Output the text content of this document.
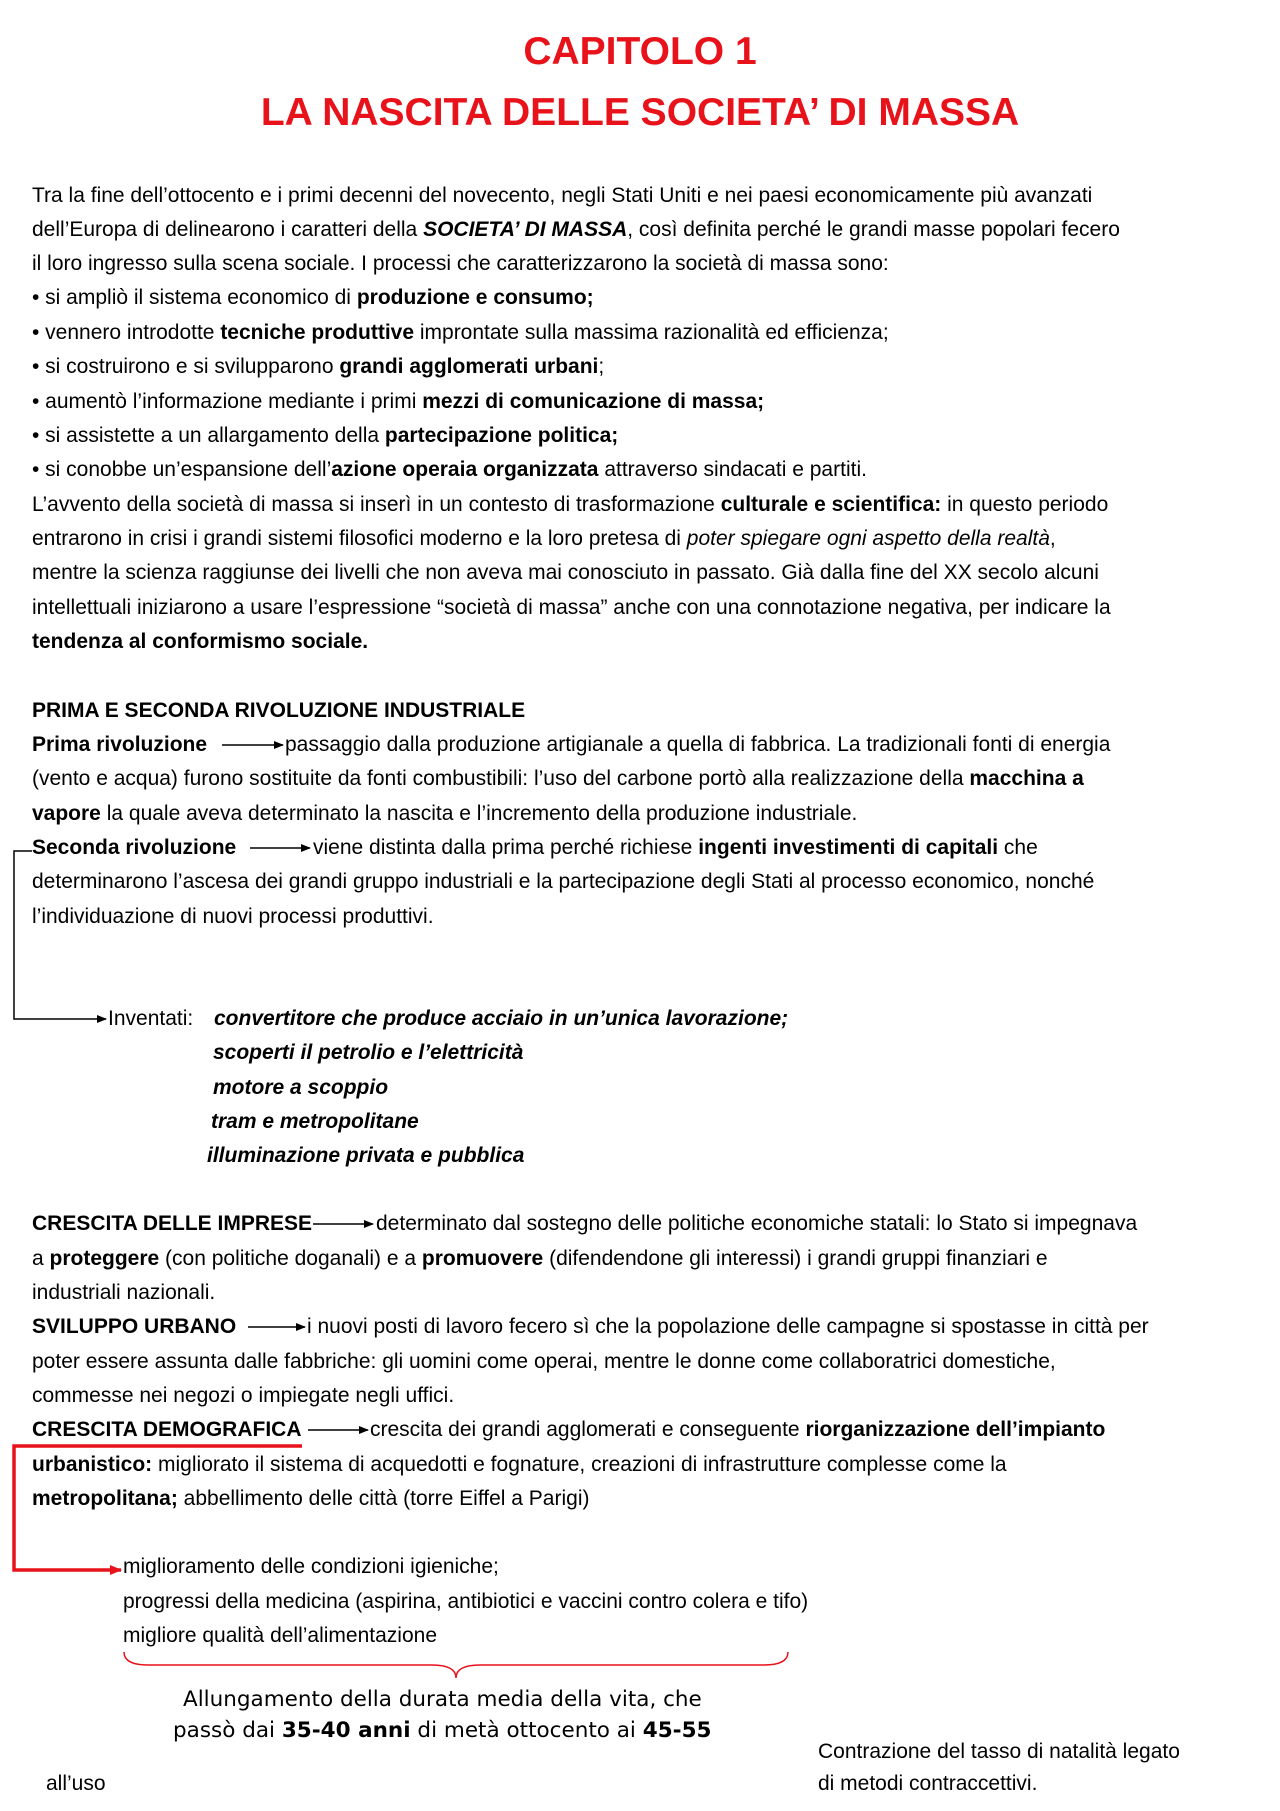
CAPITOLO 1
LA NASCITA DELLE SOCIETA’ DI MASSA
Tra la fine dell’ottocento e i primi decenni del novecento, negli Stati Uniti e nei paesi economicamente più avanzati
dell’Europa di delinearono i caratteri della SOCIETA’ DI MASSA, così definita perché le grandi masse popolari fecero
il loro ingresso sulla scena sociale. I processi che caratterizzarono la società di massa sono:
• si ampliò il sistema economico di produzione e consumo;
• vennero introdotte tecniche produttive improntate sulla massima razionalità ed efficienza;
• si costruirono e si svilupparono grandi agglomerati urbani;
• aumentò l’informazione mediante i primi mezzi di comunicazione di massa;
• si assistette a un allargamento della partecipazione politica;
• si conobbe un’espansione dell’azione operaia organizzata attraverso sindacati e partiti.
L’avvento della società di massa si inserì in un contesto di trasformazione culturale e scientifica: in questo periodo
entrarono in crisi i grandi sistemi filosofici moderno e la loro pretesa di poter spiegare ogni aspetto della realtà,
mentre la scienza raggiunse dei livelli che non aveva mai conosciuto in passato. Già dalla fine del XX secolo alcuni
intellettuali iniziarono a usare l’espressione “società di massa” anche con una connotazione negativa, per indicare la
tendenza al conformismo sociale.
PRIMA E SECONDA RIVOLUZIONE INDUSTRIALE
Prima rivoluzione	passaggio dalla produzione artigianale a quella di fabbrica. La tradizionali fonti di energia
(vento e acqua) furono sostituite da fonti combustibili: l’uso del carbone portò alla realizzazione della macchina a
vapore la quale aveva determinato la nascita e l’incremento della produzione industriale.
Seconda rivoluzione	viene distinta dalla prima perché richiese ingenti investimenti di capitali che
determinarono l’ascesa dei grandi gruppo industriali e la partecipazione degli Stati al processo economico, nonché
l’individuazione di nuovi processi produttivi.
Inventati: convertitore che produce acciaio in un’unica lavorazione;
scoperti il petrolio e l’elettricità
motore a scoppio
tram e metropolitane
illuminazione privata e pubblica
CRESCITA DELLE IMPRESE	determinato dal sostegno delle politiche economiche statali: lo Stato si impegnava
a proteggere (con politiche doganali) e a promuovere (difendendone gli interessi) i grandi gruppi finanziari e
industriali nazionali.
SVILUPPO URBANO	i nuovi posti di lavoro fecero sì che la popolazione delle campagne si spostasse in città per
poter essere assunta dalle fabbriche: gli uomini come operai, mentre le donne come collaboratrici domestiche,
commesse nei negozi o impiegate negli uffici.
CRESCITA DEMOGRAFICA	crescita dei grandi agglomerati e conseguente riorganizzazione dell’impianto
urbanistico: migliorato il sistema di acquedotti e fognature, creazioni di infrastrutture complesse come la
metropolitana; abbellimento delle città (torre Eiffel a Parigi)
miglioramento delle condizioni igieniche;
progressi della medicina (aspirina, antibiotici e vaccini contro colera e tifo)
migliore qualità dell’alimentazione
Allungamento della durata media della vita, che
passò dai 35-40 anni di metà ottocento ai 45-55
Contrazione del tasso di natalità legato
di metodi contraccettivi.
all’uso
